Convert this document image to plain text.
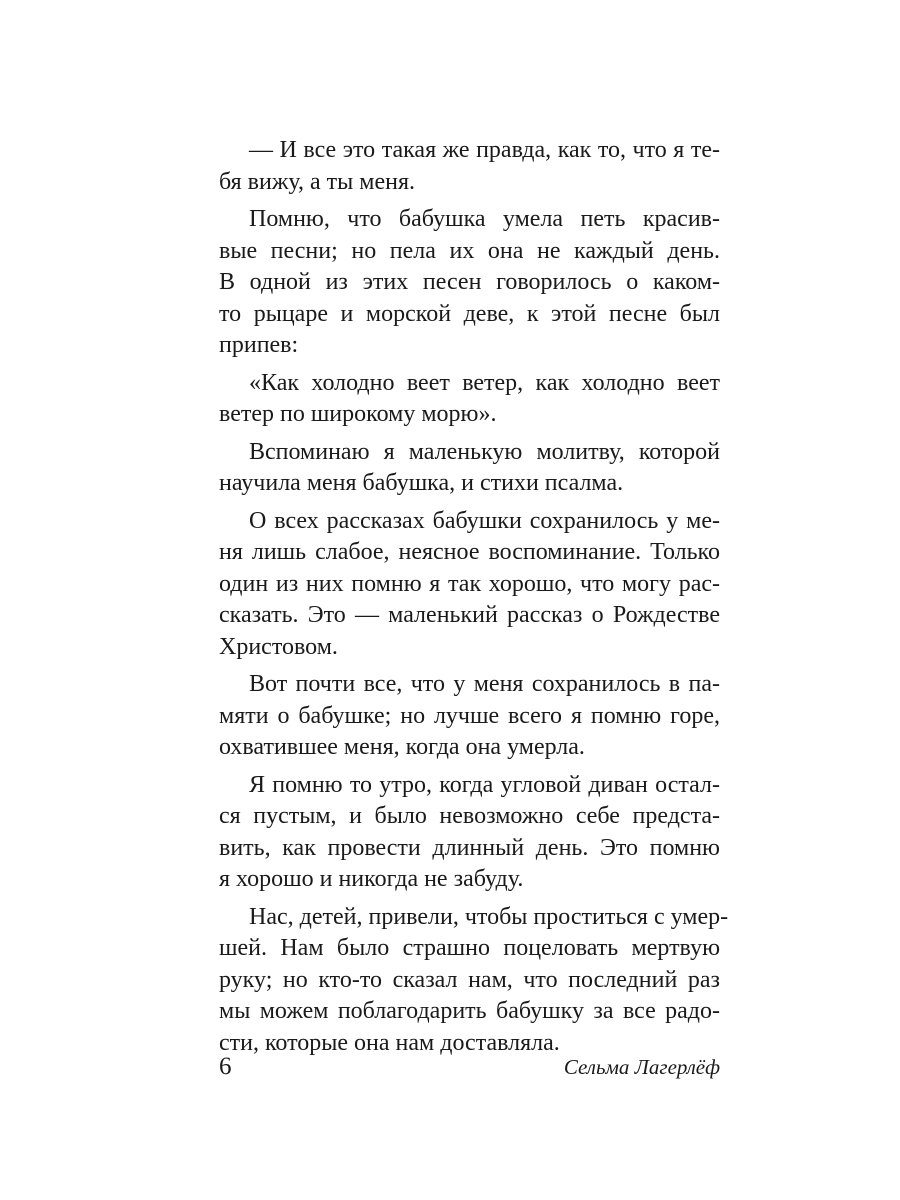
— И все это такая же правда, как то, что я те-
бя вижу, а ты меня.
Помню, что бабушка умела петь красив-
вые песни; но пела их она не каждый день.
В одной из этих песен говорилось о каком-
то рыцаре и морской деве, к этой песне был
припев:
«Как холодно веет ветер, как холодно веет
ветер по широкому морю».
Вспоминаю я маленькую молитву, которой
научила меня бабушка, и стихи псалма.
О всех рассказах бабушки сохранилось у ме-
ня лишь слабое, неясное воспоминание. Только
один из них помню я так хорошо, что могу рас-
сказать. Это — маленький рассказ о Рождестве
Христовом.
Вот почти все, что у меня сохранилось в па-
мяти о бабушке; но лучше всего я помню горе,
охватившее меня, когда она умерла.
Я помню то утро, когда угловой диван остал-
ся пустым, и было невозможно себе предста-
вить, как провести длинный день. Это помню
я хорошо и никогда не забуду.
Нас, детей, привели, чтобы проститься с умер-
шей. Нам было страшно поцеловать мертвую
руку; но кто-то сказал нам, что последний раз
мы можем поблагодарить бабушку за все радо-
сти, которые она нам доставляла.
6	Сельма Лагерлёф
